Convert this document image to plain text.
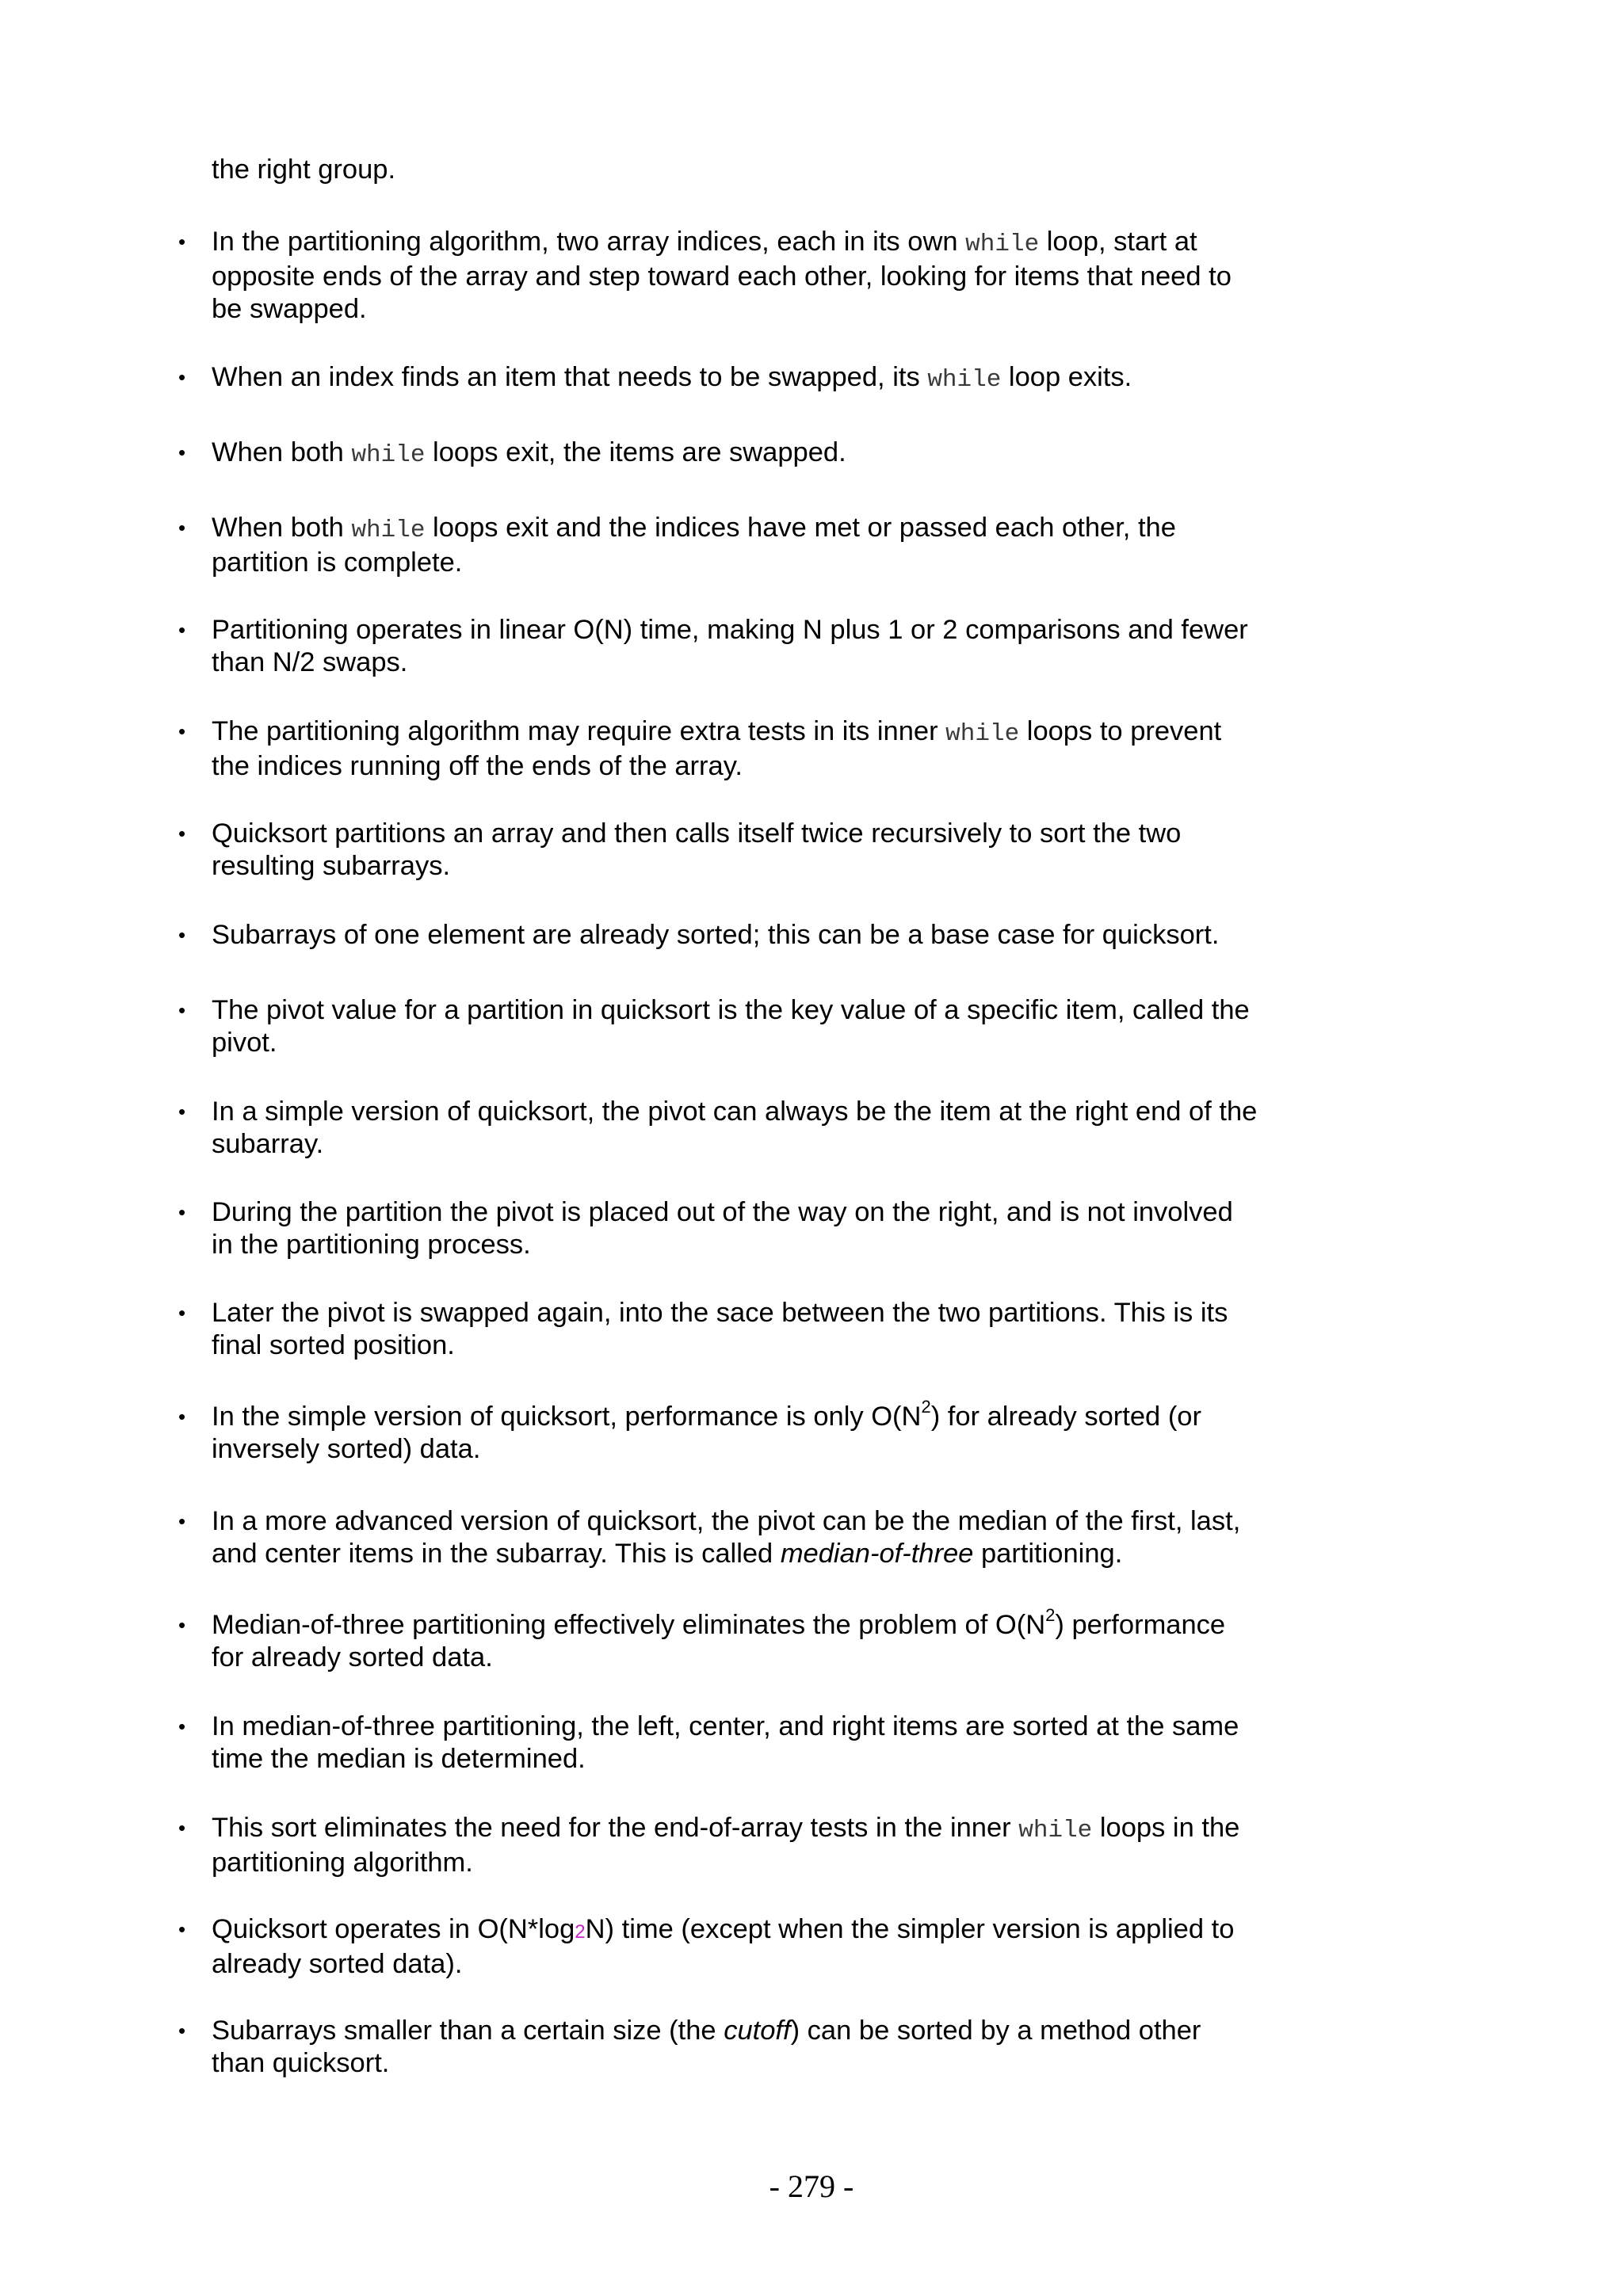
the right group.

• In the partitioning algorithm, two array indices, each in its own while loop, start at
opposite ends of the array and step toward each other, looking for items that need to
be swapped.
• When an index finds an item that needs to be swapped, its while loop exits.
• When both while loops exit, the items are swapped.
• When both while loops exit and the indices have met or passed each other, the
partition is complete.
• Partitioning operates in linear O(N) time, making N plus 1 or 2 comparisons and fewer
than N/2 swaps.
• The partitioning algorithm may require extra tests in its inner while loops to prevent
the indices running off the ends of the array.
• Quicksort partitions an array and then calls itself twice recursively to sort the two
resulting subarrays.
• Subarrays of one element are already sorted; this can be a base case for quicksort.
• The pivot value for a partition in quicksort is the key value of a specific item, called the
pivot.
• In a simple version of quicksort, the pivot can always be the item at the right end of the
subarray.
• During the partition the pivot is placed out of the way on the right, and is not involved
in the partitioning process.
• Later the pivot is swapped again, into the sace between the two partitions. This is its
final sorted position.
• In the simple version of quicksort, performance is only $O(N^2)$ for already sorted (or
inversely sorted) data.
• In a more advanced version of quicksort, the pivot can be the median of the first, last,
and center items in the subarray. This is called median-of-three partitioning.
• Median-of-three partitioning effectively eliminates the problem of $O(N^2)$ performance
for already sorted data.
• In median-of-three partitioning, the left, center, and right items are sorted at the same
time the median is determined.
• This sort eliminates the need for the end-of-array tests in the inner while loops in the
partitioning algorithm.
• Quicksort operates in O(N*log2N) time (except when the simpler version is applied to
already sorted data).
• Subarrays smaller than a certain size (the cutoff) can be sorted by a method other
than quicksort.
- 279 -
